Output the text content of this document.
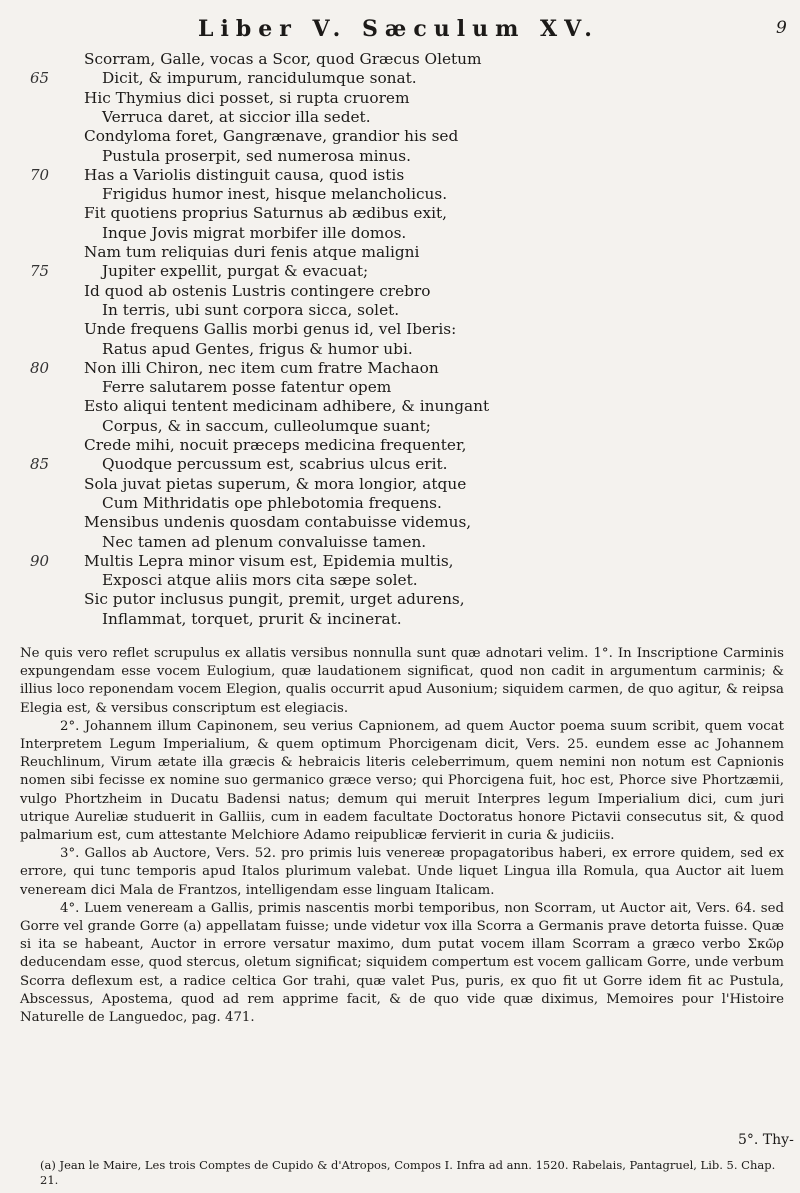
Liber V. Sæculum XV.	9
Scorram, Galle, vocas a Scor, quod Græcus Oletum
Dicit, & impurum, rancidulumque sonat.
Hic Thymius dici posset, si rupta cruorem
Verruca daret, at siccior illa sedet.
Condyloma foret, Gangrænave, grandior his sed
Pustula proserpit, sed numerosa minus.
Has a Variolis distinguit causa, quod istis
Frigidus humor inest, hisque melancholicus.
Fit quotiens proprius Saturnus ab ædibus exit,
Inque Jovis migrat morbifer ille domos.
Nam tum reliquias duri fenis atque maligni
Jupiter expellit, purgat & evacuat;
Id quod ab ostenis Lustris contingere crebro
In terris, ubi sunt corpora sicca, solet.
Unde frequens Gallis morbi genus id, vel Iberis:
Ratus apud Gentes, frigus & humor ubi.
Non illi Chiron, nec item cum fratre Machaon
Ferre salutarem posse fatentur opem
Esto aliqui tentent medicinam adhibere, & inungant
Corpus, & in saccum, culleolumque suant;
Crede mihi, nocuit præceps medicina frequenter,
Quodque percussum est, scabrius ulcus erit.
Sola juvat pietas superum, & mora longior, atque
Cum Mithridatis ope phlebotomia frequens.
Mensibus undenis quosdam contabuisse videmus,
Nec tamen ad plenum convaluisse tamen.
Multis Lepra minor visum est, Epidemia multis,
Exposci atque aliis mors cita sæpe solet.
Sic putor inclusus pungit, premit, urget adurens,
Inflammat, torquet, prurit & incinerat.
65
70
75
80
85
90

Ne quis vero reflet scrupulus ex allatis versibus nonnulla sunt quæ adnotari velim. 1°. In Inscriptione Carminis expungendam esse vocem Eulogium, quæ laudationem significat, quod non cadit in argumentum carminis; & illius loco reponendam vocem Elegion, qualis occurrit apud Ausonium; siquidem carmen, de quo agitur, & reipsa Elegia est, & versibus conscriptum est elegiacis.

2°. Johannem illum Capinonem, seu verius Capnionem, ad quem Auctor poema suum scribit, quem vocat Interpretem Legum Imperialium, & quem optimum Phorcigenam dicit, Vers. 25. eundem esse ac Johannem Reuchlinum, Virum ætate illa græcis & hebraicis literis celeberrimum, quem nemini non notum est Capnionis nomen sibi fecisse ex nomine suo germanico græce verso; qui Phorcigena fuit, hoc est, Phorce sive Phortzæmii, vulgo Phortzheim in Ducatu Badensi natus; demum qui meruit Interpres legum Imperialium dici, cum juri utrique Aureliæ studuerit in Galliis, cum in eadem facultate Doctoratus honore Pictavii consecutus sit, & quod palmarium est, cum attestante Melchiore Adamo reipublicæ fervierit in curia & judiciis.

3°. Gallos ab Auctore, Vers. 52. pro primis luis venereæ propagatoribus haberi, ex errore quidem, sed ex errore, qui tunc temporis apud Italos plurimum valebat. Unde liquet Lingua illa Romula, qua Auctor ait luem veneream dici Mala de Frantzos, intelligendam esse linguam Italicam.

4°. Luem veneream a Gallis, primis nascentis morbi temporibus, non Scorram, ut Auctor ait, Vers. 64. sed Gorre vel grande Gorre (a) appellatam fuisse; unde videtur vox illa Scorra a Germanis prave detorta fuisse. Quæ si ita se habeant, Auctor in errore versatur maximo, dum putat vocem illam Scorram a græco verbo Σκῶρ deducendam esse, quod stercus, oletum significat; siquidem compertum est vocem gallicam Gorre, unde verbum Scorra deflexum est, a radice celtica Gor trahi, quæ valet Pus, puris, ex quo fit ut Gorre idem fit ac Pustula, Abscessus, Apostema, quod ad rem apprime facit, & de quo vide quæ diximus, Memoires pour l'Histoire Naturelle de Languedoc, pag. 471.

5°. Thy-
(a) Jean le Maire, Les trois Comptes de Cupido & d'Atropos, Compos I. Infra ad ann. 1520. Rabelais, Pantagruel, Lib. 5. Chap. 21.
